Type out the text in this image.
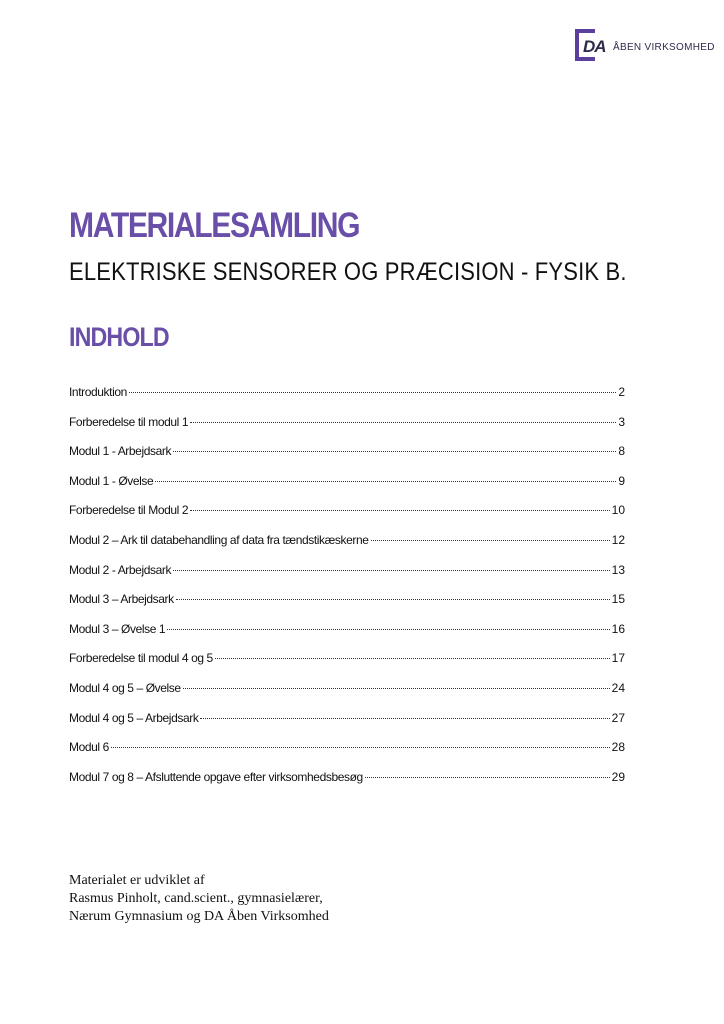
DA ÅBEN VIRKSOMHED
MATERIALESAMLING
ELEKTRISKE SENSORER OG PRÆCISION - FYSIK B.
INDHOLD
Introduktion	2
Forberedelse til modul 1	3
Modul 1 - Arbejdsark	8
Modul 1 - Øvelse	9
Forberedelse til Modul 2	10
Modul 2 – Ark til databehandling af data fra tændstikæskerne	12
Modul 2 - Arbejdsark	13
Modul 3 – Arbejdsark	15
Modul 3 – Øvelse 1	16
Forberedelse til modul 4 og 5	17
Modul 4 og 5 – Øvelse	24
Modul 4 og 5 – Arbejdsark	27
Modul 6	28
Modul 7 og 8 – Afsluttende opgave efter virksomhedsbesøg	29

Materialet er udviklet af
Rasmus Pinholt, cand.scient., gymnasielærer,
Nærum Gymnasium og DA Åben Virksomhed
